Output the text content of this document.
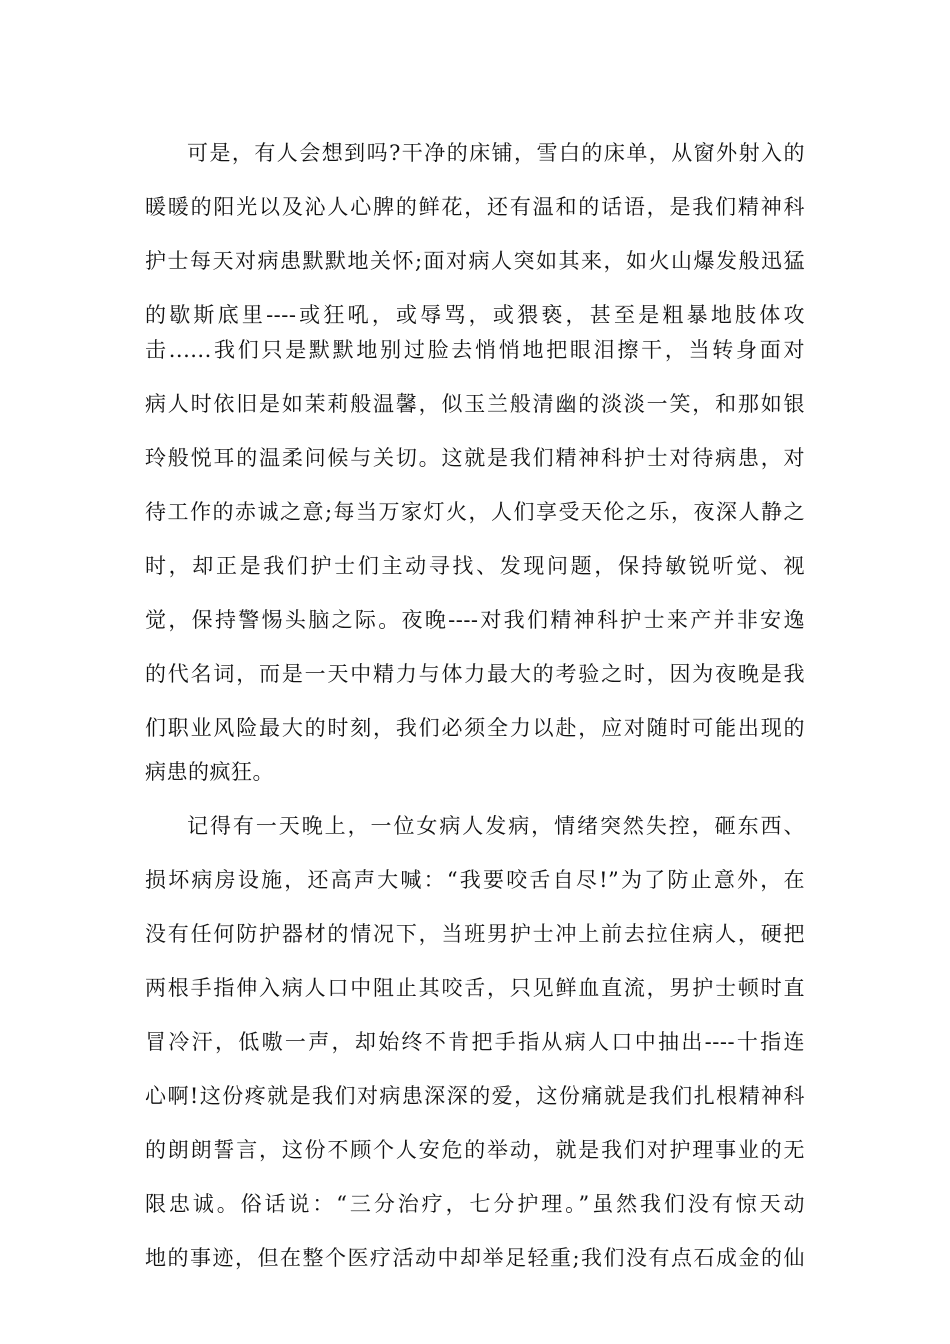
可是，有人会想到吗?干净的床铺，雪白的床单，从窗外射入的
暖暖的阳光以及沁人心脾的鲜花，还有温和的话语，是我们精神科
护士每天对病患默默地关怀;面对病人突如其来，如火山爆发般迅猛
的歇斯底里----或狂吼，或辱骂，或猥亵，甚至是粗暴地肢体攻
击......我们只是默默地别过脸去悄悄地把眼泪擦干，当转身面对
病人时依旧是如茉莉般温馨，似玉兰般清幽的淡淡一笑，和那如银
玲般悦耳的温柔问候与关切。这就是我们精神科护士对待病患，对
待工作的赤诚之意;每当万家灯火，人们享受天伦之乐，夜深人静之
时，却正是我们护士们主动寻找、发现问题，保持敏锐听觉、视
觉，保持警惕头脑之际。夜晚----对我们精神科护士来产并非安逸
的代名词，而是一天中精力与体力最大的考验之时，因为夜晚是我
们职业风险最大的时刻，我们必须全力以赴，应对随时可能出现的
病患的疯狂。
记得有一天晚上，一位女病人发病，情绪突然失控，砸东西、
损坏病房设施，还高声大喊：“我要咬舌自尽!”为了防止意外，在
没有任何防护器材的情况下，当班男护士冲上前去拉住病人，硬把
两根手指伸入病人口中阻止其咬舌，只见鲜血直流，男护士顿时直
冒冷汗，低嗷一声，却始终不肯把手指从病人口中抽出----十指连
心啊!这份疼就是我们对病患深深的爱，这份痛就是我们扎根精神科
的朗朗誓言，这份不顾个人安危的举动，就是我们对护理事业的无
限忠诚。俗话说：“三分治疗，七分护理。”虽然我们没有惊天动
地的事迹，但在整个医疗活动中却举足轻重;我们没有点石成金的仙
